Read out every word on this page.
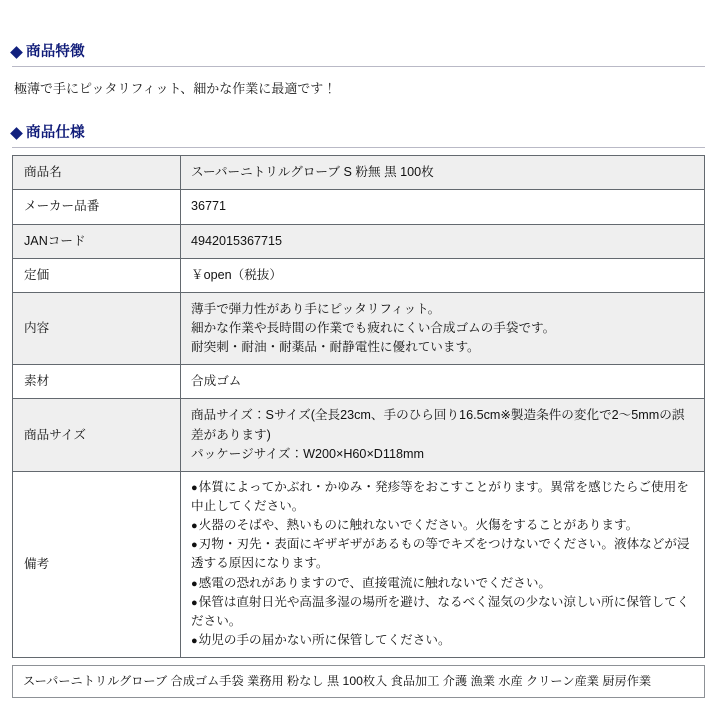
商品特徴

極薄で手にピッタリフィット、細かな作業に最適です！

商品仕様
商品名	スーパーニトリルグローブ S 粉無 黒 100枚

メーカー品番	36771

JANコード	4942015367715

定価	￥open（税抜）

内容	薄手で弾力性があり手にピッタリフィット。
細かな作業や長時間の作業でも疲れにくい合成ゴムの手袋です。
耐突刺・耐油・耐薬品・耐静電性に優れています。

素材	合成ゴム

商品サイズ	商品サイズ：Sサイズ(全長23cm、手のひら回り16.5cm※製造条件の変化で2～5mmの誤差があります)
パッケージサイズ：W200×H60×D118mm

備考	
● 体質によってかぶれ・かゆみ・発疹等をおこすことがります。異常を感じたらご使用を中止してください。
● 火器のそばや、熱いものに触れないでください。火傷をすることがあります。
● 刃物・刃先・表面にギザギザがあるもの等でキズをつけないでください。液体などが浸透する原因になります。
● 感電の恐れがありますので、直接電流に触れないでください。
● 保管は直射日光や高温多湿の場所を避け、なるべく湿気の少ない涼しい所に保管してください。
● 幼児の手の届かない所に保管してください。
スーパーニトリルグローブ 合成ゴム手袋 業務用 粉なし 黒 100枚入 食品加工 介護 漁業 水産 クリーン産業 厨房作業
